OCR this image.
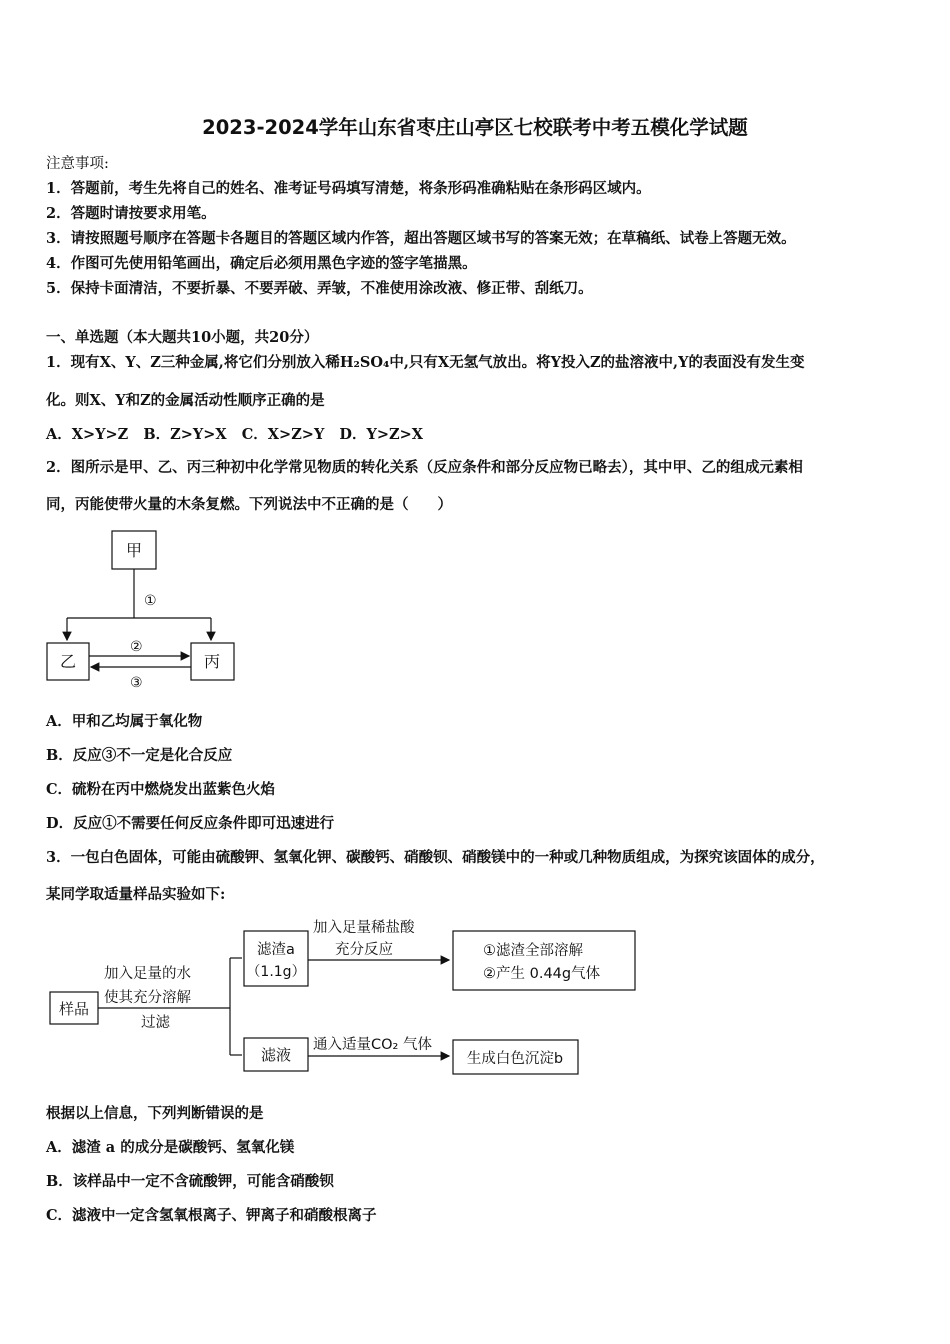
2023-2024学年山东省枣庄山亭区七校联考中考五模化学试题
注意事项:
1．答题前，考生先将自己的姓名、准考证号码填写清楚，将条形码准确粘贴在条形码区域内。
2．答题时请按要求用笔。
3．请按照题号顺序在答题卡各题目的答题区域内作答，超出答题区域书写的答案无效；在草稿纸、试卷上答题无效。
4．作图可先使用铅笔画出，确定后必须用黑色字迹的签字笔描黑。
5．保持卡面清洁，不要折暴、不要弄破、弄皱，不准使用涂改液、修正带、刮纸刀。
一、单选题（本大题共10小题，共20分）
1．现有X、Y、Z三种金属,将它们分别放入稀H₂SO₄中,只有X无氢气放出。将Y投入Z的盐溶液中,Y的表面没有发生变
化。则X、Y和Z的金属活动性顺序正确的是
A．X>Y>Z   B．Z>Y>X   C．X>Z>Y   D．Y>Z>X
2．图所示是甲、乙、丙三种初中化学常见物质的转化关系（反应条件和部分反应物已略去），其中甲、乙的组成元素相
同，丙能使带火量的木条复燃。下列说法中不正确的是（　　）
甲
①
乙	丙
②
③
A．甲和乙均属于氧化物
B．反应③不一定是化合反应
C．硫粉在丙中燃烧发出蓝紫色火焰
D．反应①不需要任何反应条件即可迅速进行
3．一包白色固体，可能由硫酸钾、氢氧化钾、碳酸钙、硝酸钡、硝酸镁中的一种或几种物质组成，为探究该固体的成分，
某同学取适量样品实验如下:
样品
加入足量的水
使其充分溶解
过滤
滤渣a
（1.1g）
加入足量稀盐酸
充分反应	①滤渣全部溶解
②产生 0.44g气体
滤液
通入适量CO₂ 气体
生成白色沉淀b
根据以上信息，下列判断错误的是
A．滤渣 a 的成分是碳酸钙、氢氧化镁
B．该样品中一定不含硫酸钾，可能含硝酸钡
C．滤液中一定含氢氧根离子、钾离子和硝酸根离子
